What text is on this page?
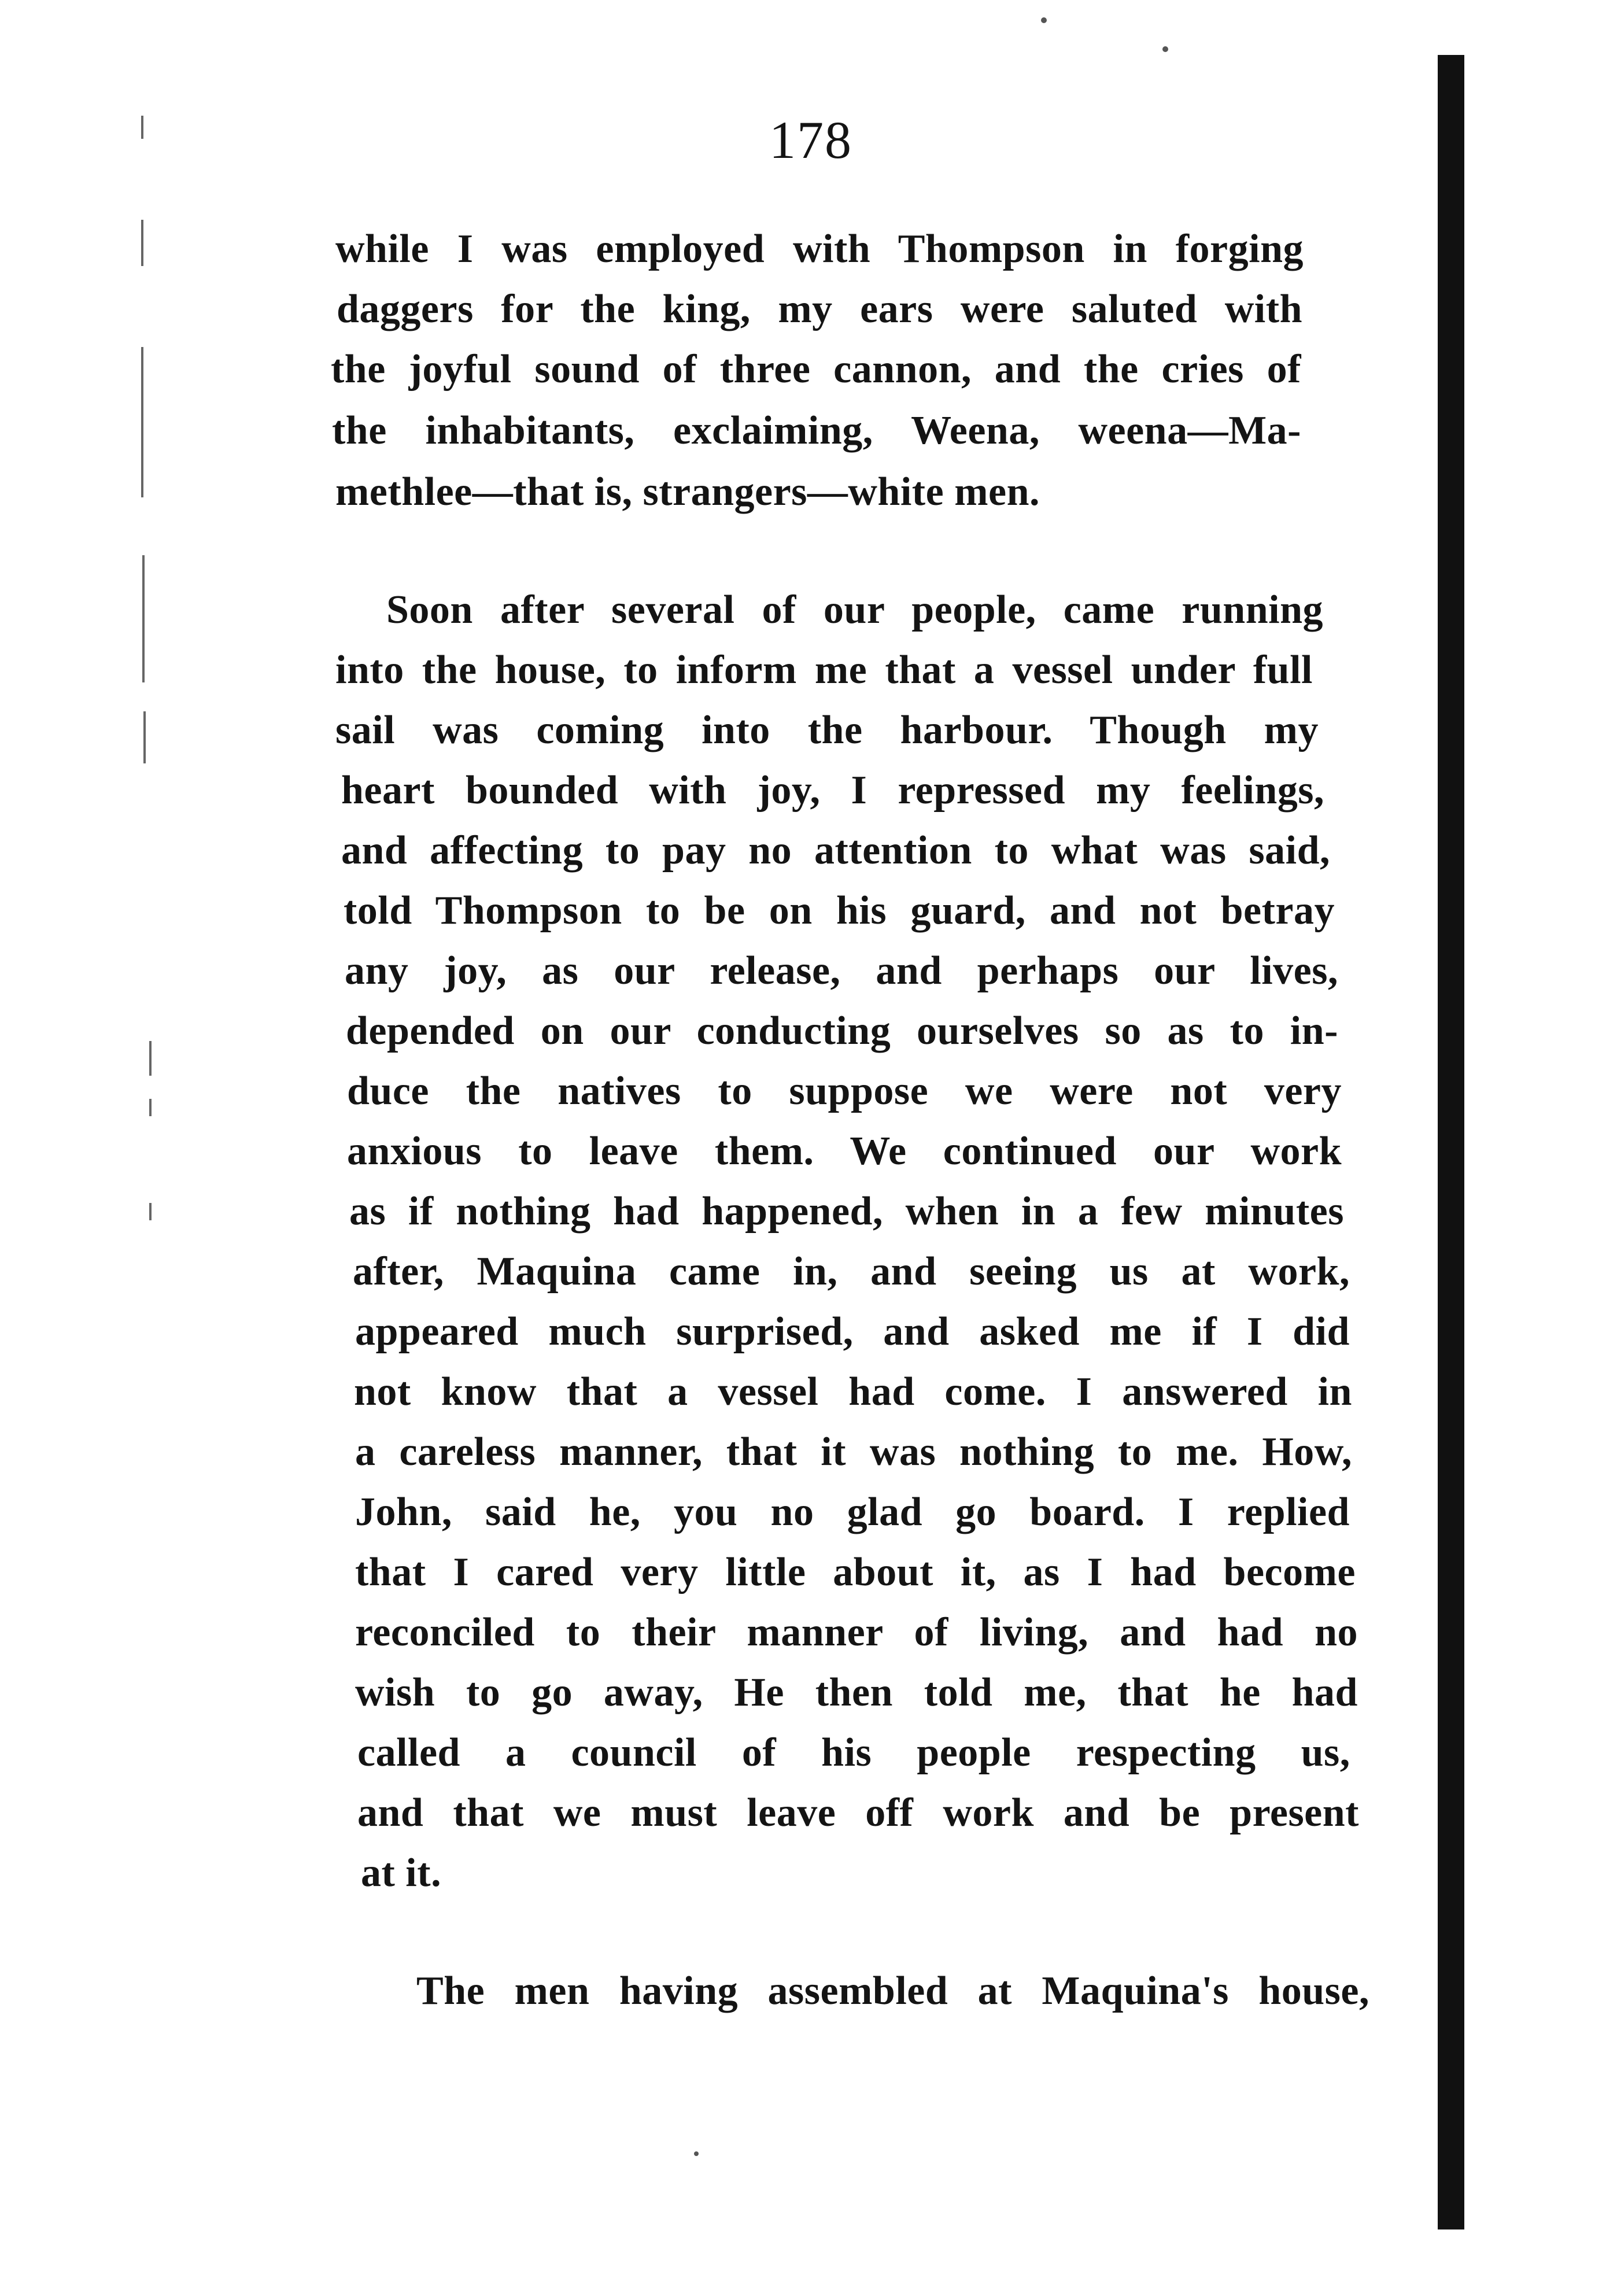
178
while I was employed with Thompson in forging
daggers for the king, my ears were saluted with
the joyful sound of three cannon, and the cries of
the inhabitants, exclaiming, Weena, weena—Ma-
methlee—that is, strangers—white men.
Soon after several of our people, came running
into the house, to inform me that a vessel under full
sail was coming into the harbour. Though my
heart bounded with joy, I repressed my feelings,
and affecting to pay no attention to what was said,
told Thompson to be on his guard, and not betray
any joy, as our release, and perhaps our lives,
depended on our conducting ourselves so as to in-
duce the natives to suppose we were not very
anxious to leave them. We continued our work
as if nothing had happened, when in a few minutes
after, Maquina came in, and seeing us at work,
appeared much surprised, and asked me if I did
not know that a vessel had come. I answered in
a careless manner, that it was nothing to me. How,
John, said he, you no glad go board. I replied
that I cared very little about it, as I had become
reconciled to their manner of living, and had no
wish to go away, He then told me, that he had
called a council of his people respecting us,
and that we must leave off work and be present
at it.
The men having assembled at Maquina's house,
